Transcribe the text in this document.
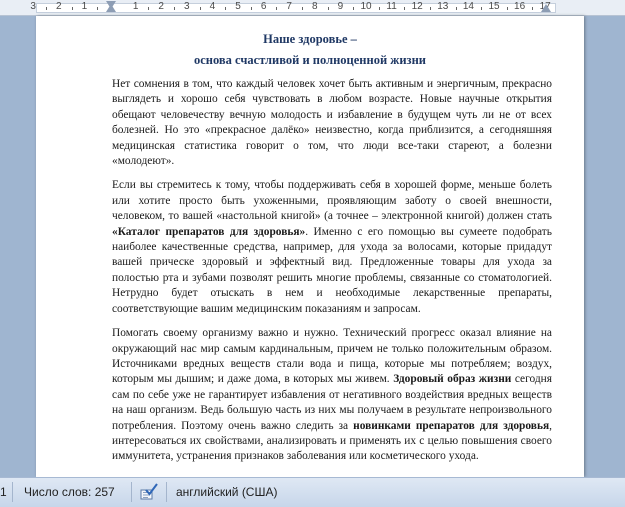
3 2 1	1 2 3 4 5 6 7 8 9 10 11 12 13 14 15 16 17
Наше здоровье –
основа счастливой и полноценной жизни

Нет сомнения в том, что каждый человек хочет быть активным и энергичным, прекрасно выглядеть и хорошо себя чувствовать в любом возрасте. Новые научные открытия обещают человечеству вечную молодость и избавление в будущем чуть ли не от всех болезней. Но это «прекрасное далёко» неизвестно, когда приблизится, а сегодняшняя медицинская статистика говорит о том, что люди все-таки стареют, а болезни «молодеют».

Если вы стремитесь к тому, чтобы поддерживать себя в хорошей форме, меньше болеть или хотите просто быть ухоженными, проявляющим заботу о своей внешности, человеком, то вашей «настольной книгой» (а точнее – электронной книгой) должен стать «Каталог препаратов для здоровья». Именно с его помощью вы сумеете подобрать наиболее качественные средства, например, для ухода за волосами, которые придадут вашей прическе здоровый и эффектный вид. Предложенные товары для ухода за полостью рта и зубами позволят решить многие проблемы, связанные со стоматологией. Нетрудно будет отыскать в нем и необходимые лекарственные препараты, соответствующие вашим медицинским показаниям и запросам.

Помогать своему организму важно и нужно. Технический прогресс оказал влияние на окружающий нас мир самым кардинальным, причем не только положительным образом. Источниками вредных веществ стали вода и пища, которые мы потребляем; воздух, которым мы дышим; и даже дома, в которых мы живем. Здоровый образ жизни сегодня сам по себе уже не гарантирует избавления от негативного воздействия вредных веществ на наш организм. Ведь большую часть из них мы получаем в результате непроизвольного потребления. Поэтому очень важно следить за новинками препаратов для здоровья, интересоваться их свойствами, анализировать и применять их с целью повышения своего иммунитета, устранения признаков заболевания или косметического ухода.

1 Число слов: 257	английский (США)
